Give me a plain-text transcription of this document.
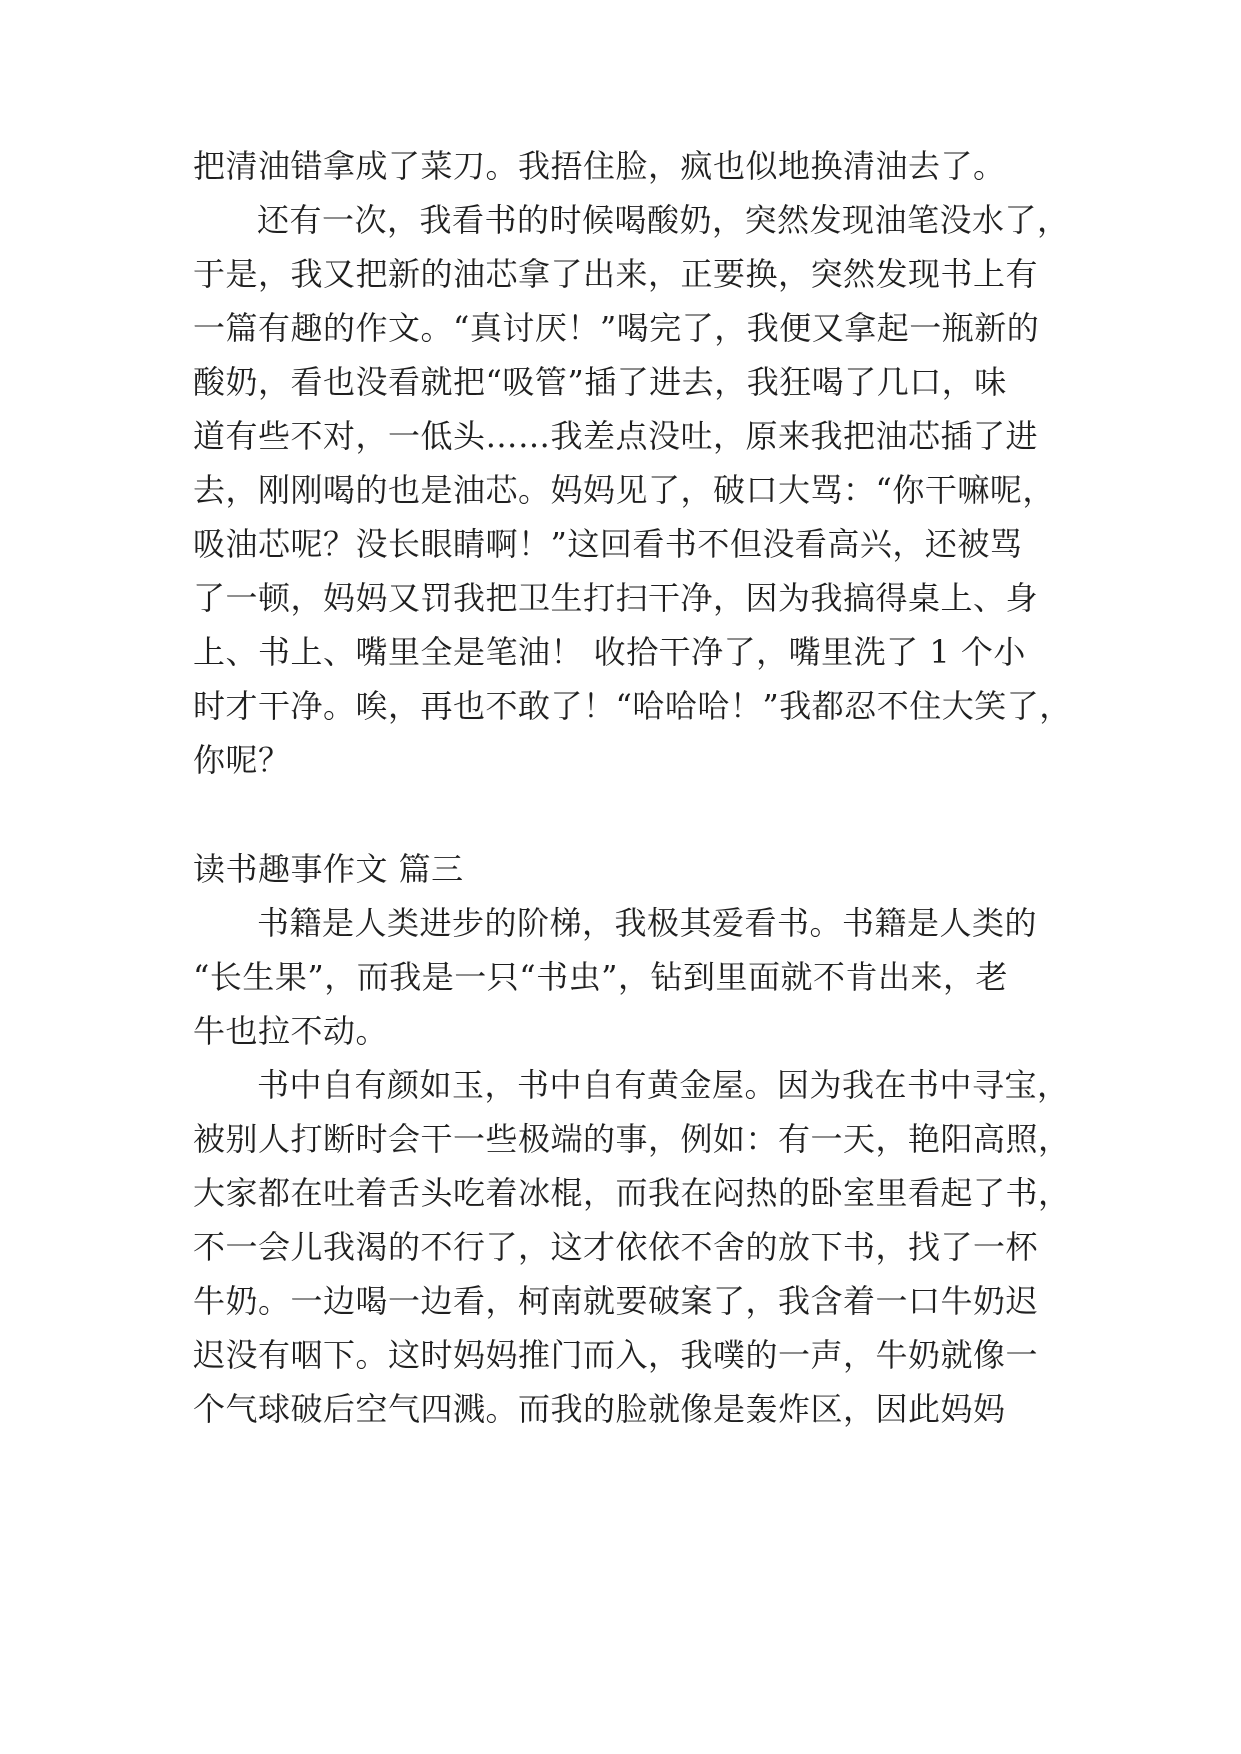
把清油错拿成了菜刀。我捂住脸，疯也似地换清油去了。
还有一次，我看书的时候喝酸奶，突然发现油笔没水了，
于是，我又把新的油芯拿了出来，正要换，突然发现书上有
一篇有趣的作文。“真讨厌！”喝完了，我便又拿起一瓶新的
酸奶，看也没看就把“吸管”插了进去，我狂喝了几口，味
道有些不对，一低头……我差点没吐，原来我把油芯插了进
去，刚刚喝的也是油芯。妈妈见了，破口大骂：“你干嘛呢，
吸油芯呢？没长眼睛啊！”这回看书不但没看高兴，还被骂
了一顿，妈妈又罚我把卫生打扫干净，因为我搞得桌上、身
上、书上、嘴里全是笔油！ 收拾干净了，嘴里洗了 1 个小
时才干净。唉，再也不敢了！“哈哈哈！”我都忍不住大笑了，
你呢？
读书趣事作文 篇三
书籍是人类进步的阶梯，我极其爱看书。书籍是人类的
“长生果”，而我是一只“书虫”，钻到里面就不肯出来，老
牛也拉不动。
书中自有颜如玉，书中自有黄金屋。因为我在书中寻宝，
被别人打断时会干一些极端的事，例如：有一天，艳阳高照，
大家都在吐着舌头吃着冰棍，而我在闷热的卧室里看起了书，
不一会儿我渴的不行了，这才依依不舍的放下书，找了一杯
牛奶。一边喝一边看，柯南就要破案了，我含着一口牛奶迟
迟没有咽下。这时妈妈推门而入，我噗的一声，牛奶就像一
个气球破后空气四溅。而我的脸就像是轰炸区，因此妈妈
